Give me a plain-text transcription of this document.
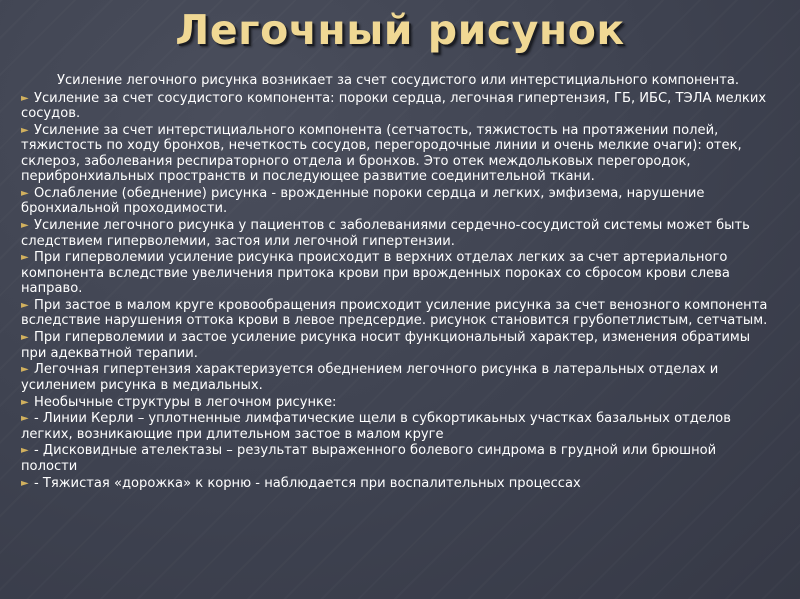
Легочный рисунок

Усиление легочного рисунка возникает за счет сосудистого или интерстициального компонента.

► Усиление за счет сосудистого компонента: пороки сердца, легочная гипертензия, ГБ, ИБС, ТЭЛА мелких сосудов.
► Усиление за счет интерстициального компонента (сетчатость, тяжистость на протяжении полей, тяжистость по ходу бронхов, нечеткость сосудов, перегородочные линии и очень мелкие очаги): отек, склероз, заболевания респираторного отдела и бронхов. Это отек междольковых перегородок, перибронхиальных пространств и последующее развитие соединительной ткани.
► Ослабление (обеднение) рисунка - врожденные пороки сердца и легких, эмфизема, нарушение бронхиальной проходимости.
► Усиление легочного рисунка у пациентов с заболеваниями сердечно-сосудистой системы может быть следствием гиперволемии, застоя или легочной гипертензии.
► При гиперволемии усиление рисунка происходит в верхних отделах легких за счет артериального компонента вследствие увеличения притока крови при врожденных пороках со сбросом крови слева направо.
► При застое в малом круге кровообращения происходит усиление рисунка за счет венозного компонента вследствие нарушения оттока крови в левое предсердие. рисунок становится грубопетлистым, сетчатым.
► При гиперволемии и застое усиление рисунка носит функциональный характер, изменения обратимы при адекватной терапии.
► Легочная гипертензия характеризуется обеднением легочного рисунка в латеральных отделах и усилением рисунка в медиальных.
► Необычные структуры в легочном рисунке:
► - Линии Керли – уплотненные лимфатические щели в субкортикаьных участках базальных отделов легких, возникающие при длительном застое в малом круге
► - Дисковидные ателектазы – результат выраженного болевого синдрома в грудной или брюшной полости
► - Тяжистая «дорожка» к корню - наблюдается при воспалительных процессах
